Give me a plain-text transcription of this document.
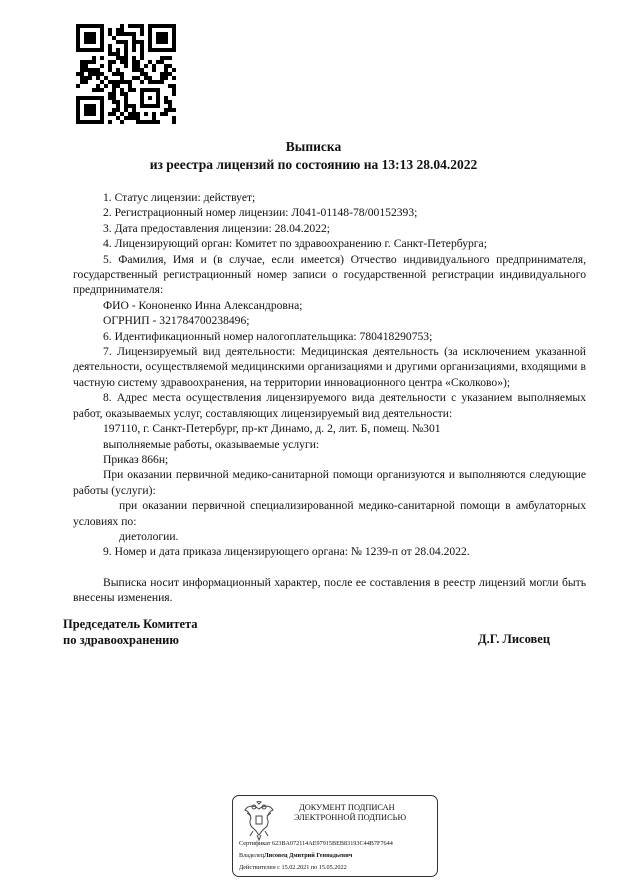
Выписка
из реестра лицензий по состоянию на 13:13 28.04.2022

1. Статус лицензии: действует;

2. Регистрационный номер лицензии: Л041-01148-78/00152393;

3. Дата предоставления лицензии: 28.04.2022;

4. Лицензирующий орган: Комитет по здравоохранению г. Санкт-Петербурга;

5. Фамилия, Имя и (в случае, если имеется) Отчество индивидуального предпринимателя, государственный регистрационный номер записи о государственной регистрации индивидуального предпринимателя:

ФИО - Кононенко Инна Александровна;

ОГРНИП - 321784700238496;

6. Идентификационный номер налогоплательщика: 780418290753;

7. Лицензируемый вид деятельности: Медицинская деятельность (за исключением указанной деятельности, осуществляемой медицинскими организациями и другими организациями, входящими в частную систему здравоохранения, на территории инновационного центра «Сколково»);

8. Адрес места осуществления лицензируемого вида деятельности с указанием выполняемых работ, оказываемых услуг, составляющих лицензируемый вид деятельности:

197110, г. Санкт-Петербург, пр-кт Динамо, д. 2, лит. Б, помещ. №301

выполняемые работы, оказываемые услуги:

Приказ 866н;

При оказании первичной медико-санитарной помощи организуются и выполняются следующие работы (услуги):

при оказании первичной специализированной медико-санитарной помощи в амбулаторных условиях по:

диетологии.

9. Номер и дата приказа лицензирующего органа: № 1239-п от 28.04.2022.

Выписка носит информационный характер, после ее составления в реестр лицензий могли быть внесены изменения.

Председатель Комитета
по здравоохранению	Д.Г. Лисовец
ДОКУМЕНТ ПОДПИСАН
ЭЛЕКТРОННОЙ ПОДПИСЬЮ
Сертификат 623BA072114AE97915BEB83193C44B7F7644
ВладелецЛисовец Дмитрий Геннадьевич
Действителен с 15.02.2021 по 15.05.2022
